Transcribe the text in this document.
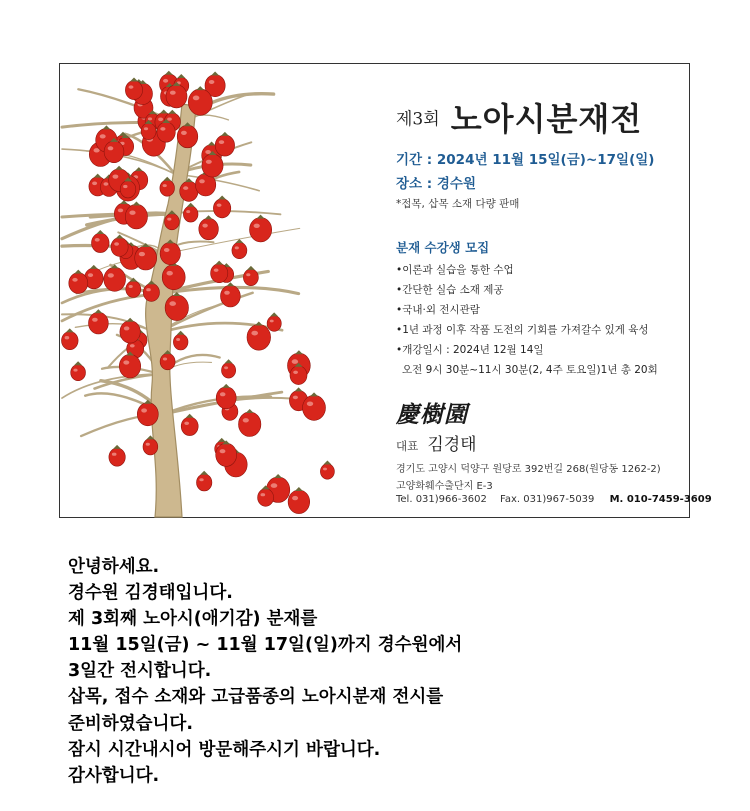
제3회 노아시분재전
기간 : 2024년 11월 15일(금)~17일(일)
장소 : 경수원
*접목, 삽목 소재 다량 판매
분재 수강생 모집
•이론과 실습을 통한 수업
•간단한 실습 소재 제공
•국내·외 전시관람
•1년 과정 이후 작품 도전의 기회를 가져갈수 있게 육성
•개강일시 : 2024년 12월 14일
오전 9시 30분~11시 30분(2, 4주 토요일)1년 총 20회
慶樹園
대표 김경태
경기도 고양시 덕양구 원당로 392번길 268(원당동 1262-2)
고양화훼수출단지 E-3
Tel. 031)966-3602 Fax. 031)967-5039 M. 010-7459-3609
안녕하세요.
경수원 김경태입니다.
제 3회째 노아시(애기감) 분재를
11월 15일(금) ~ 11월 17일(일)까지 경수원에서
3일간 전시합니다.
삽목, 접수 소재와 고급품종의 노아시분재 전시를
준비하였습니다.
잠시 시간내시어 방문해주시기 바랍니다.
감사합니다.
